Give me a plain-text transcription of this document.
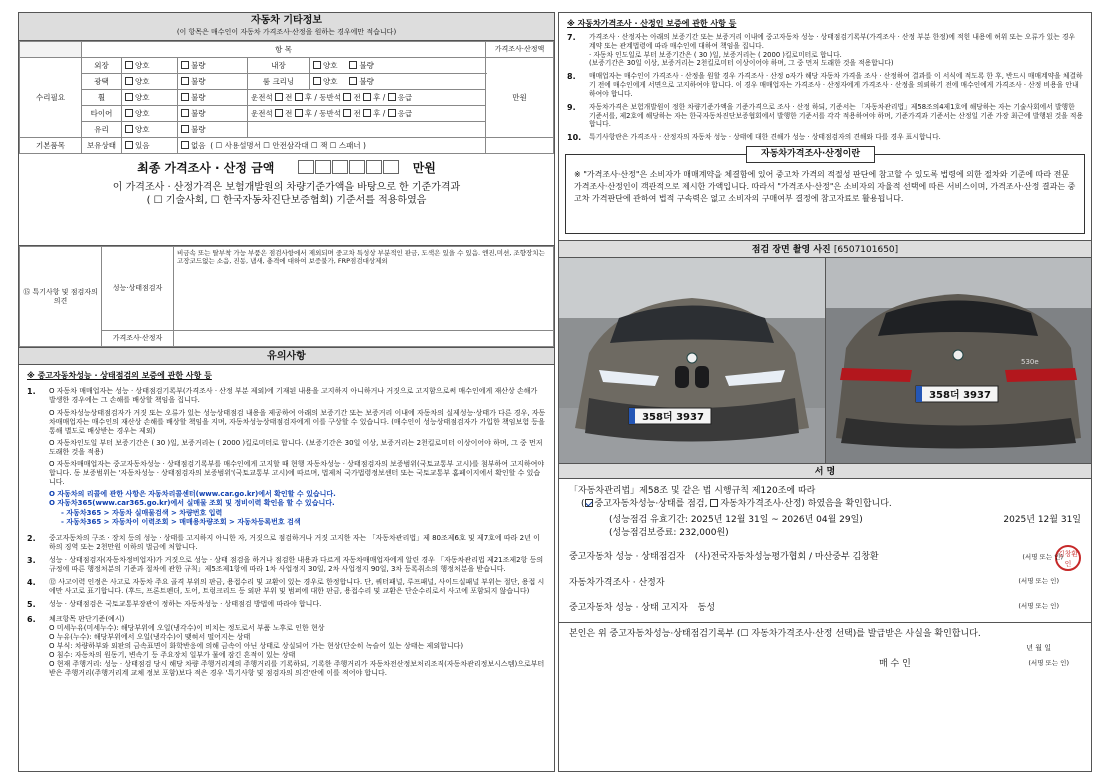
자동차 기타정보
(이 항목은 매수인이 자동차 가격조사·산정을 원하는 경우에만 적습니다)
	항 목					가격조사·산정액
수리필요	외장	양호	불량	내장	양호 불량	만원
	광택	양호	불량	룸 크리닝	양호 불량	
	휠	양호	불량	운전석 전 후 / 동반석 전 후 / 응급		
	타이어	양호	불량	운전석 전 후 / 동반석 전 후 / 응급		
	유리	양호	불량			
기본품목	보유상태	있음	없음 ( ☐ 사용설명서 ☐ 안전삼각대 ☐ 잭 ☐ 스패너 )			
최종 가격조사 · 산정 금액	만원
이 가격조사 · 산정가격은 보험개발원의 차량기준가액을 바탕으로 한 기준가격과
( ☐ 기술사회, ☐ 한국자동차진단보증협회) 기준서를 적용하였음
⑮ 특기사항 및 점검자의 의견	성능·상태점검자	비금속 또는 탈부착 가능 부품은 점검사항에서 제외되며 중고차 특성상 부분적인 판금, 도색은 있을 수 있음. 엔진,미션, 조향장치는 고장코드없는 소음, 진동, 냄새, 충격에 대하여 보증불가, FRP점검대상제외
	가격조사·산정자	
유의사항
※ 중고자동차성능 · 상태점검의 보증에 관한 사항 등
1.	O 자동차 매매업자는 성능 · 상태점검기록부(가격조사 · 산정 부분 제외)에 기재된 내용을 고지하지 아니하거나 거짓으로 고지함으로써 매수인에게 재산상 손해가 발생한 경우에는 그 손해를 배상할 책임을 집니다.
O 자동차성능상태점검자가 거짓 또는 오류가 있는 성능상태점검 내용을 제공하여 아래의 보증기간 또는 보증거리 이내에 자동차의 실제성능·상태가 다른 경우, 자동차매매업자는 매수인의 재산상 손해를 배상할 책임을 지며, 자동차성능상태점검자에게 이를 구상할 수 있습니다. (매수인이 성능상태점검자가 가입한 책임보험 등을 통해 별도로 배상받는 경우는 제외)
O 자동차인도일 부터 보증기간은 ( 30 )일, 보증거리는 ( 2000 )킬로미터로 합니다. (보증기간은 30일 이상, 보증거리는 2천킬로미터 이상이어야 하며, 그 중 먼저 도래한 것을 적용)
O 자동차매매업자는 중고자동차성능 · 상태점검기록부를 매수인에게 고지할 때 현행 자동차성능 · 상태점검자의 보증범위(국토교통부 고시)를 첨부하여 고지하여야 합니다. 동 보증범위는 '자동차성능 · 상태점검자의 보증범위'(국토교통부 고시)에 따르며, 법제처 국가법령정보센터 또는 국토교통부 홈페이지에서 확인할 수 있습니다.
O 자동차의 리콜에 관한 사항은 자동차리콜센터(www.car.go.kr)에서 확인할 수 있습니다.
O 자동차365(www.car365.go.kr)에서 실매물 조회 및 정비이력 확인을 할 수 있습니다.
- 자동차365 > 자동차 실매물검색 > 차량번호 입력
- 자동차365 > 자동차이 이력조회 > 매매용차량조회 > 자동차등록번호 검색
2.	중고자동차의 구조 · 장치 등의 성능 · 상태를 고지하지 아니한 자, 거짓으로 점검하거나 거짓 고지한 자는 「자동차관리법」제 80조제6호 및 제7호에 따라 2년 이하의 징역 또는 2천만원 이하의 벌금에 처합니다.
3.	성능 · 상태점검자(자동차정비업자)가 거짓으로 성능 · 상태 점검을 하거나 점검한 내용과 다르게 자동차매매업자에게 알린 경우 「자동차관리법 제21조제2항 등의 규정에 따른 행정처분의 기준과 절차에 관한 규칙」제5조제1항에 따라 1차 사업정지 30일, 2차 사업정지 90일, 3차 등록취소의 행정처분을 받습니다.
4.	⑫ 사고이력 인정은 사고로 자동차 주요 골격 부위의 판금, 용접수리 및 교환이 있는 경우로 한정합니다. 단, 쿼터패널, 루프패널, 사이드실패널 부위는 절단, 용접 시에만 사고로 표기합니다. (후드, 프론트펜더, 도어, 트렁크리드 등 외판 부위 및 범퍼에 대한 판금, 용접수리 및 교환은 단순수리로서 사고에 포함되지 않습니다)
5.	성능 · 상태점검은 국토교통부장관이 정하는 자동차성능 · 상태점검 방법에 따라야 합니다.
6.	체크항목 판단기준(예시)
O 미세누유(미세누수): 해당부위에 오일(냉각수)이 비치는 정도로서 부품 노후로 인한 현상
O 누유(누수): 해당부위에서 오일(냉각수)이 맺혀서 떨어지는 상태
O 부식: 차량하부와 외판의 금속표면이 화학반응에 의해 금속이 아닌 상태로 상실되어 가는 현상(단순히 녹슬어 있는 상태는 제외합니다)
O 침수: 자동차의 원동기, 변속기 등 주요장치 일부가 물에 잠긴 흔적이 있는 상태
O 현재 주행거리: 성능 · 상태점검 당시 해당 차량 주행거리계의 주행거리를 기록하되, 기록한 주행거리가 자동차전산정보처리조직(자동차관리정보시스템)으로부터 받은 주행거리(주행거리계 교체 정보 포함)보다 적은 경우 '특기사항 및 점검자의 의견'란에 이를 적어야 합니다.
※ 자동차가격조사 · 산정인 보증에 관한 사항 등
7.	가격조사 · 산정자는 아래의 보증기간 또는 보증거리 이내에 중고자동차 성능 · 상태점검기록부(가격조사 · 산정 부분 한정)에 적힌 내용에 허위 또는 오류가 있는 경우 계약 또는 관계법령에 따라 매수인에 대하여 책임을 집니다.
· 자동차 인도일로 부터 보증기간은 ( 30 )일, 보증거리는 ( 2000 )킬로미터로 합니다.
(보증기간은 30일 이상, 보증거리는 2천킬로미터 이상이어야 하며, 그 중 먼저 도래한 것을 적용합니다)
8.	매매업자는 매수인이 가격조사 · 산정을 원할 경우 가격조사 · 산정 o자가 해당 자동차 가격을 조사 · 산정하여 결과를 이 서식에 적도록 한 후, 반드시 매매계약을 체결하기 전에 매수인에게 서면으로 고지하여야 합니다. 이 경우 매매업자는 가격조사 · 산정자에게 가격조사 · 산정을 의뢰하기 전에 매수인에게 가격조사 · 산정 비용을 안내하여야 합니다.
9.	자동차가격은 보험개발원이 정한 차량기준가액을 기준가격으로 조사 · 산정 하되, 기준서는 「자동차관리법」제58조의4제1호에 해당하는 자는 기술사회에서 발행한 기준서를, 제2호에 해당하는 자는 한국자동차진단보증협회에서 발행한 기준서를 각각 적용하여야 하며, 기준가격과 기준서는 산정일 기준 가장 최근에 발행된 것을 적용합니다.
10.	특기사항란은 가격조사 · 산정자의 자동차 성능 · 상태에 대한 견해가 성능 · 상태점검자의 견해와 다를 경우 표시합니다.
자동차가격조사·산정이란
※ "가격조사·산정"은 소비자가 매매계약을 체결함에 있어 중고차 가격의 적절성 판단에 참고할 수 있도록 법령에 의한 절차와 기준에 따라 전문 가격조사·산정인이 객관적으로 제시한 가액입니다. 따라서 "가격조사·산정"은 소비자의 자율적 선택에 따른 서비스이며, 가격조사·산정 결과는 중고차 가격판단에 관하여 법적 구속력은 없고 소비자의 구매여부 결정에 참고자료로 활용됩니다.
점검 장면 촬영 사진 [6507101650]
358더 3937
530e
358더 3937
서 명
「자동차관리법」제58조 및 같은 법 시행규칙 제120조에 따라
( 중고자동차성능·상태를 점검, 자동차가격조사·산정) 하였음을 확인합니다.
(성능점검 유효기간: 2025년 12월 31일 ~ 2026년 04월 29일)	2025년 12월 31일
(성능점검보증료: 232,000원)
중고자동차 성능 · 상태점검자 (사)전국자동차성능평가협회 / 마산중부 김창환	(서명 또는 인)
김창환인
자동차가격조사 · 산정자	(서명 또는 인)
중고자동차 성능 · 상태 고지자 동성	(서명 또는 인)
본인은 위 중고자동차성능·상태점검기록부 (☐ 자동차가격조사·산정 선택)를 발급받은 사실을 확인합니다.
년 월 일
매 수 인	(서명 또는 인)
